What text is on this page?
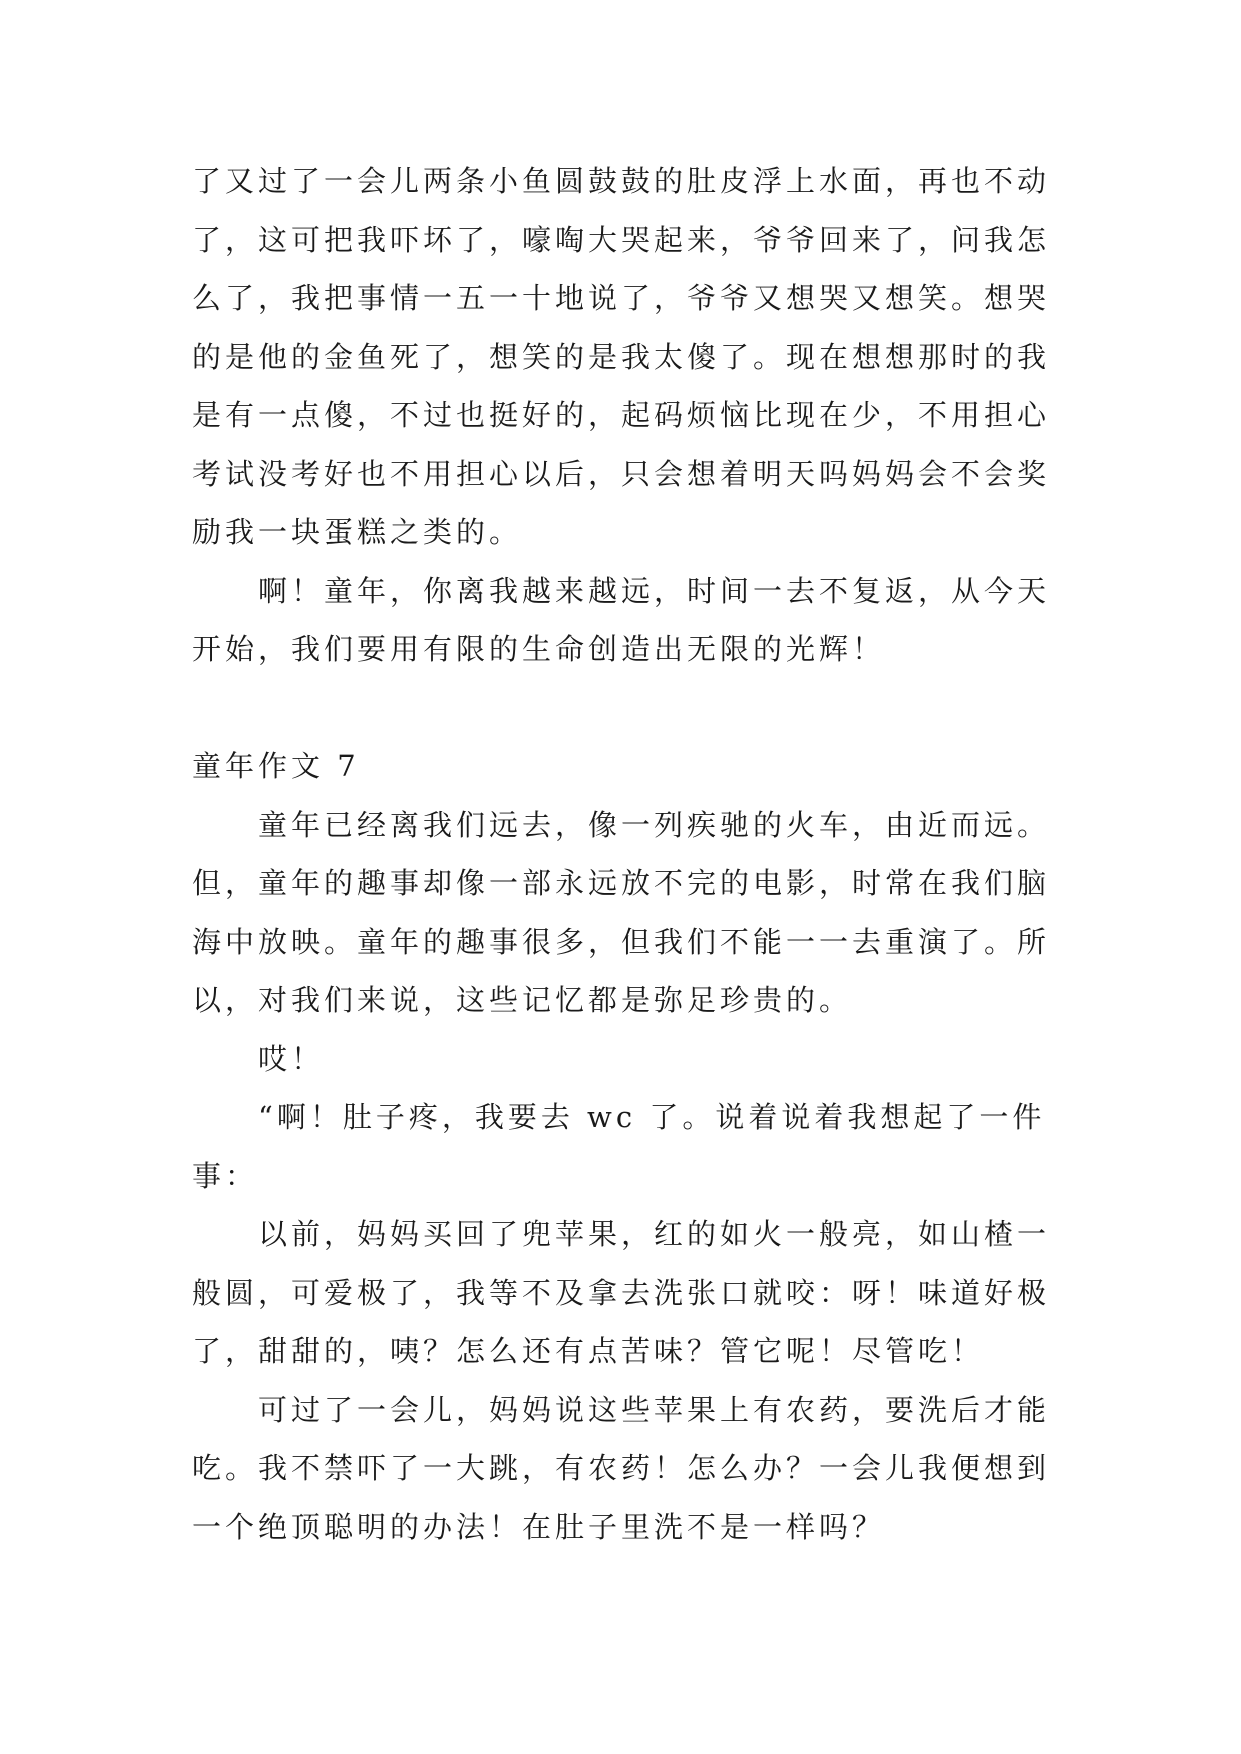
了又过了一会儿两条小鱼圆鼓鼓的肚皮浮上水面，再也不动
了，这可把我吓坏了，嚎啕大哭起来，爷爷回来了，问我怎
么了，我把事情一五一十地说了，爷爷又想哭又想笑。想哭
的是他的金鱼死了，想笑的是我太傻了。现在想想那时的我
是有一点傻，不过也挺好的，起码烦恼比现在少，不用担心
考试没考好也不用担心以后，只会想着明天吗妈妈会不会奖
励我一块蛋糕之类的。
啊！童年，你离我越来越远，时间一去不复返，从今天
开始，我们要用有限的生命创造出无限的光辉！
童年作文 7
童年已经离我们远去，像一列疾驰的火车，由近而远。
但，童年的趣事却像一部永远放不完的电影，时常在我们脑
海中放映。童年的趣事很多，但我们不能一一去重演了。所
以，对我们来说，这些记忆都是弥足珍贵的。
哎！
“啊！肚子疼，我要去 wc 了。说着说着我想起了一件
事：
以前，妈妈买回了兜苹果，红的如火一般亮，如山楂一
般圆，可爱极了，我等不及拿去洗张口就咬：呀！味道好极
了，甜甜的，咦？怎么还有点苦味？管它呢！尽管吃！
可过了一会儿，妈妈说这些苹果上有农药，要洗后才能
吃。我不禁吓了一大跳，有农药！怎么办？一会儿我便想到
一个绝顶聪明的办法！在肚子里洗不是一样吗？
